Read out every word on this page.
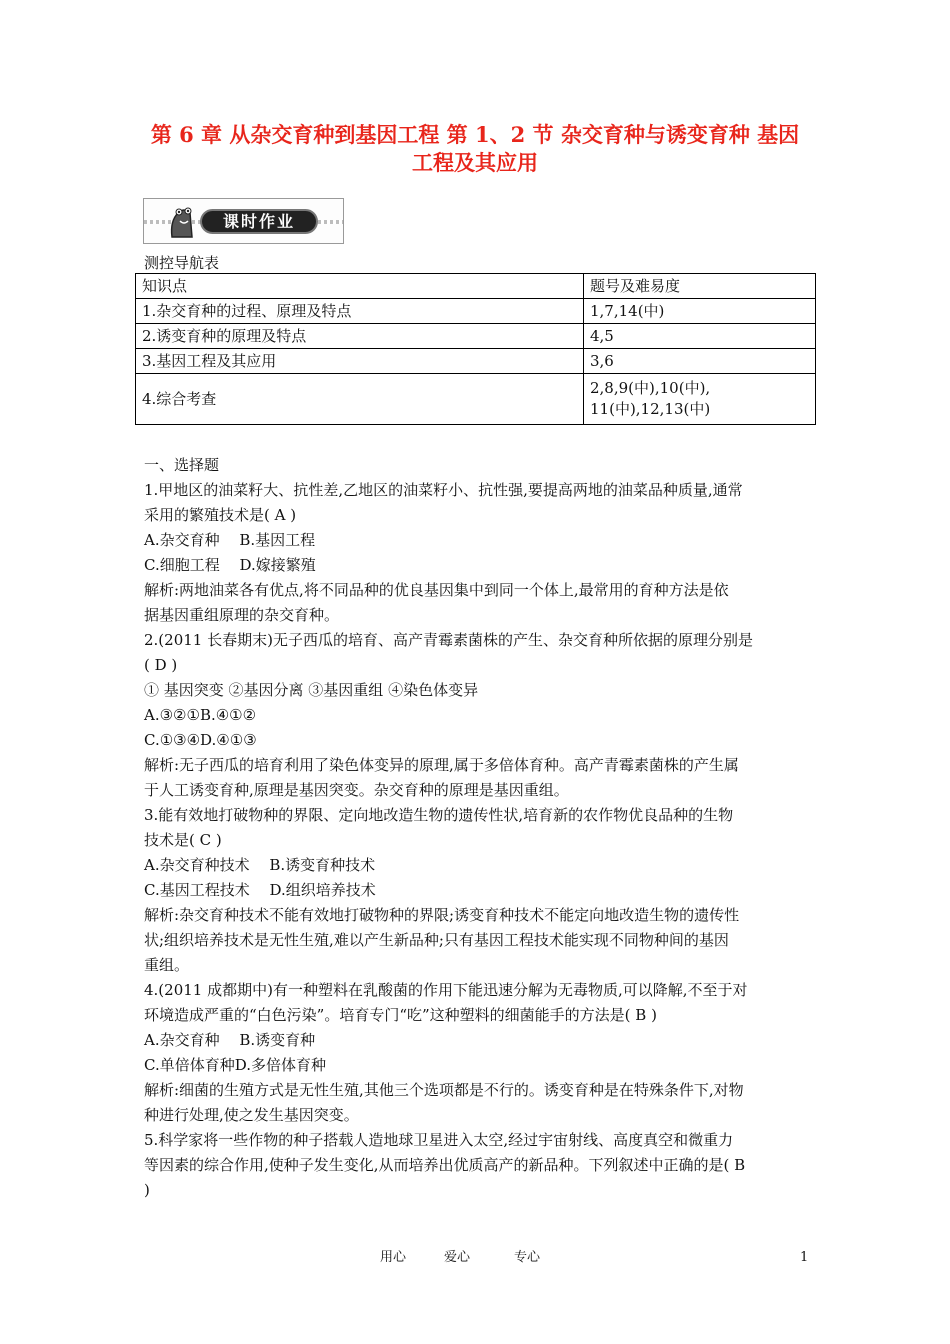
第 6 章 从杂交育种到基因工程 第 1、2 节 杂交育种与诱变育种 基因
工程及其应用
课时作业
测控导航表
知识点	题号及难易度
1.杂交育种的过程、原理及特点	1,7,14(中)
2.诱变育种的原理及特点	4,5
3.基因工程及其应用	3,6
4.综合考查	2,8,9(中),10(中),
11(中),12,13(中)
一、选择题
1.甲地区的油菜籽大、抗性差,乙地区的油菜籽小、抗性强,要提高两地的油菜品种质量,通常
采用的繁殖技术是( A )
A.杂交育种　 B.基因工程
C.细胞工程　 D.嫁接繁殖
解析:两地油菜各有优点,将不同品种的优良基因集中到同一个体上,最常用的育种方法是依
据基因重组原理的杂交育种。
2.(2011 长春期末)无子西瓜的培育、高产青霉素菌株的产生、杂交育种所依据的原理分别是
( D )
① 基因突变 ②基因分离 ③基因重组 ④染色体变异
A.③②①B.④①②
C.①③④D.④①③
解析:无子西瓜的培育利用了染色体变异的原理,属于多倍体育种。高产青霉素菌株的产生属
于人工诱变育种,原理是基因突变。杂交育种的原理是基因重组。
3.能有效地打破物种的界限、定向地改造生物的遗传性状,培育新的农作物优良品种的生物
技术是( C )
A.杂交育种技术　 B.诱变育种技术
C.基因工程技术　 D.组织培养技术
解析:杂交育种技术不能有效地打破物种的界限;诱变育种技术不能定向地改造生物的遗传性
状;组织培养技术是无性生殖,难以产生新品种;只有基因工程技术能实现不同物种间的基因
重组。
4.(2011 成都期中)有一种塑料在乳酸菌的作用下能迅速分解为无毒物质,可以降解,不至于对
环境造成严重的“白色污染”。培育专门“吃”这种塑料的细菌能手的方法是( B )
A.杂交育种　 B.诱变育种
C.单倍体育种D.多倍体育种
解析:细菌的生殖方式是无性生殖,其他三个选项都是不行的。诱变育种是在特殊条件下,对物
种进行处理,使之发生基因突变。
5.科学家将一些作物的种子搭载人造地球卫星进入太空,经过宇宙射线、高度真空和微重力
等因素的综合作用,使种子发生变化,从而培养出优质高产的新品种。下列叙述中正确的是( B
)
用心	爱心	专心	1
